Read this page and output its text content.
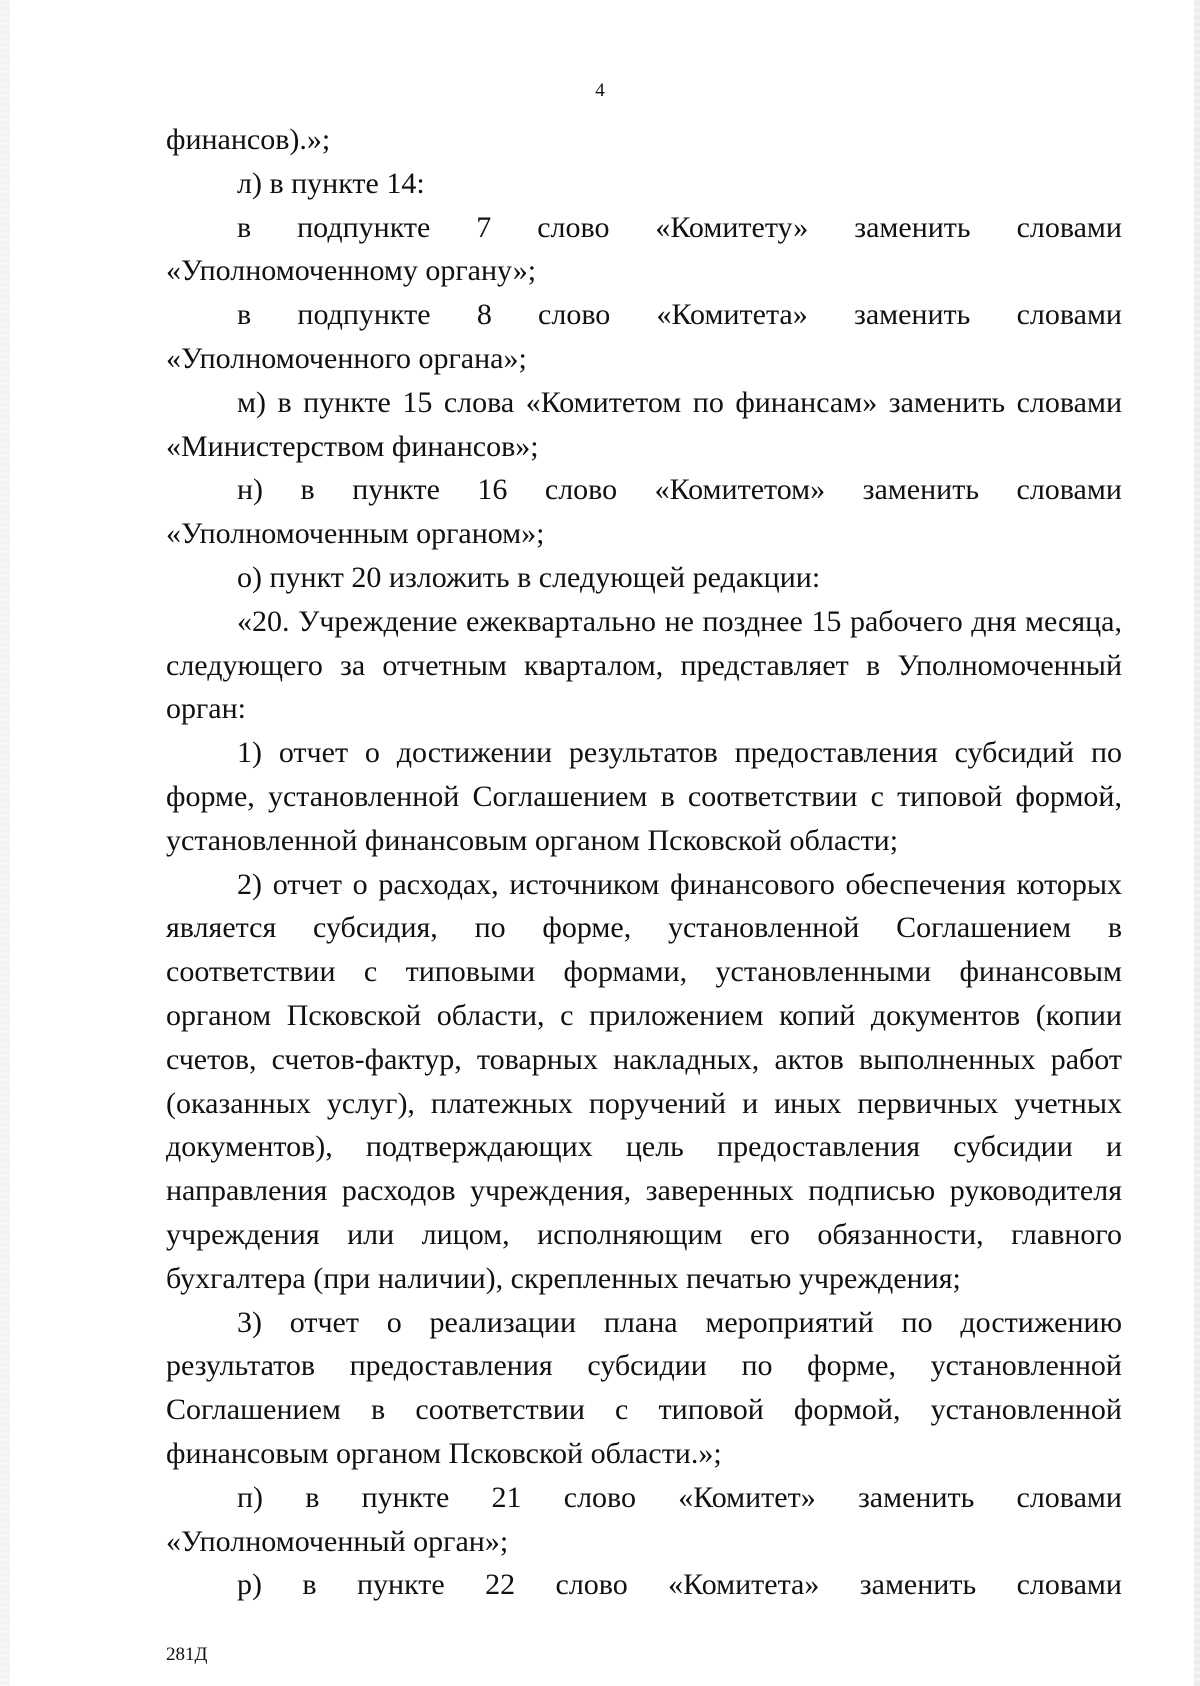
4

финансов).»;

л) в пункте 14:

в подпункте 7 слово «Комитету» заменить словами

«Уполномоченному органу»;

в подпункте 8 слово «Комитета» заменить словами

«Уполномоченного органа»;

м) в пункте 15 слова «Комитетом по финансам» заменить словами «Министерством финансов»;

н) в пункте 16 слово «Комитетом» заменить словами

«Уполномоченным органом»;

о) пункт 20 изложить в следующей редакции:

«20. Учреждение ежеквартально не позднее 15 рабочего дня месяца, следующего за отчетным кварталом, представляет в Уполномоченный орган:

1) отчет о достижении результатов предоставления субсидий по форме, установленной Соглашением в соответствии с типовой формой, установленной финансовым органом Псковской области;

2) отчет о расходах, источником финансового обеспечения которых является субсидия, по форме, установленной Соглашением в соответствии с типовыми формами, установленными финансовым органом Псковской области, с приложением копий документов (копии счетов, счетов-фактур, товарных накладных, актов выполненных работ (оказанных услуг), платежных поручений и иных первичных учетных документов), подтверждающих цель предоставления субсидии и направления расходов учреждения, заверенных подписью руководителя учреждения или лицом, исполняющим его обязанности, главного бухгалтера (при наличии), скрепленных печатью учреждения;

3) отчет о реализации плана мероприятий по достижению результатов предоставления субсидии по форме, установленной Соглашением в соответствии с типовой формой, установленной финансовым органом Псковской области.»;

п) в пункте 21 слово «Комитет» заменить словами

«Уполномоченный орган»;

р) в пункте 22 слово «Комитета» заменить словами
281Д
